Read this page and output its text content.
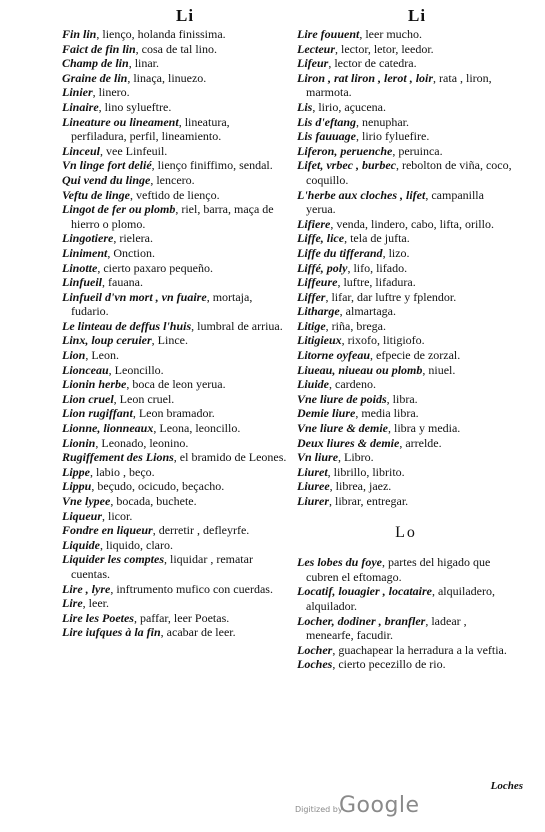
Li	Li

Fin lin, lienço, holanda finissima.

Faict de fin lin, cosa de tal lino.

Champ de lin, linar.

Graine de lin, linaça, linuezo.

Linier, linero.

Linaire, lino sylueftre.

Lineature ou lineament, lineatura, perfiladura, perfil, lineamiento.

Linceul, vee Linfeuil.

Vn linge fort delié, lienço finiffimo, sendal.

Qui vend du linge, lencero.

Veftu de linge, veftido de lienço.

Lingot de fer ou plomb, riel, barra, maça de hierro o plomo.

Lingotiere, rielera.

Liniment, Onction.

Linotte, cierto paxaro pequeño.

Linfueil, fauana.

Linfueil d'vn mort , vn fuaire, mortaja, fudario.

Le linteau de deffus l'huis, lumbral de arriua.

Linx, loup ceruier, Lince.

Lion, Leon.

Lionceau, Leoncillo.

Lionin herbe, boca de leon yerua.

Lion cruel, Leon cruel.

Lion rugiffant, Leon bramador.

Lionne, lionneaux, Leona, leoncillo.

Lionin, Leonado, leonino.

Rugiffement des Lions, el bramido de Leones.

Lippe, labio , beço.

Lippu, beçudo, ocicudo, beçacho.

Vne lypee, bocada, buchete.

Liqueur, licor.

Fondre en liqueur, derretir , defleyrfe.

Liquide, liquido, claro.

Liquider les comptes, liquidar , rematar cuentas.

Lire , lyre, inftrumento mufico con cuerdas.

Lire, leer.

Lire les Poetes, paffar, leer Poetas.

Lire iufques à la fin, acabar de leer.

Lire fouuent, leer mucho.

Lecteur, lector, letor, leedor.

Lifeur, lector de catedra.

Liron , rat liron , lerot , loir, rata , liron, marmota.

Lis, lirio, açucena.

Lis d'eftang, nenuphar.

Lis fauuage, lirio fyluefire.

Liferon, peruenche, peruinca.

Lifet, vrbec , burbec, rebolton de viña, coco, coquillo.

L'herbe aux cloches , lifet, campanilla yerua.

Lifiere, venda, lindero, cabo, lifta, orillo.

Liffe, lice, tela de jufta.

Liffe du tifferand, lizo.

Liffé, poly, lifo, lifado.

Liffeure, luftre, lifadura.

Liffer, lifar, dar luftre y fplendor.

Litharge, almartaga.

Litige, riña, brega.

Litigieux, rixofo, litigiofo.

Litorne oyfeau, efpecie de zorzal.

Liueau, niueau ou plomb, niuel.

Liuide, cardeno.

Vne liure de poids, libra.

Demie liure, media libra.

Vne liure & demie, libra y media.

Deux liures & demie, arrelde.

Vn liure, Libro.

Liuret, librillo, librito.

Liuree, librea, jaez.

Liurer, librar, entregar.

Lo

Les lobes du foye, partes del higado que cubren el eftomago.

Locatif, louagier , locataire, alquiladero, alquilador.

Locher, dodiner , branfler, ladear , menearfe, facudir.

Locher, guachapear la herradura a la veftia.

Loches, cierto pecezillo de rio.

Loches
Digitized by
Google
